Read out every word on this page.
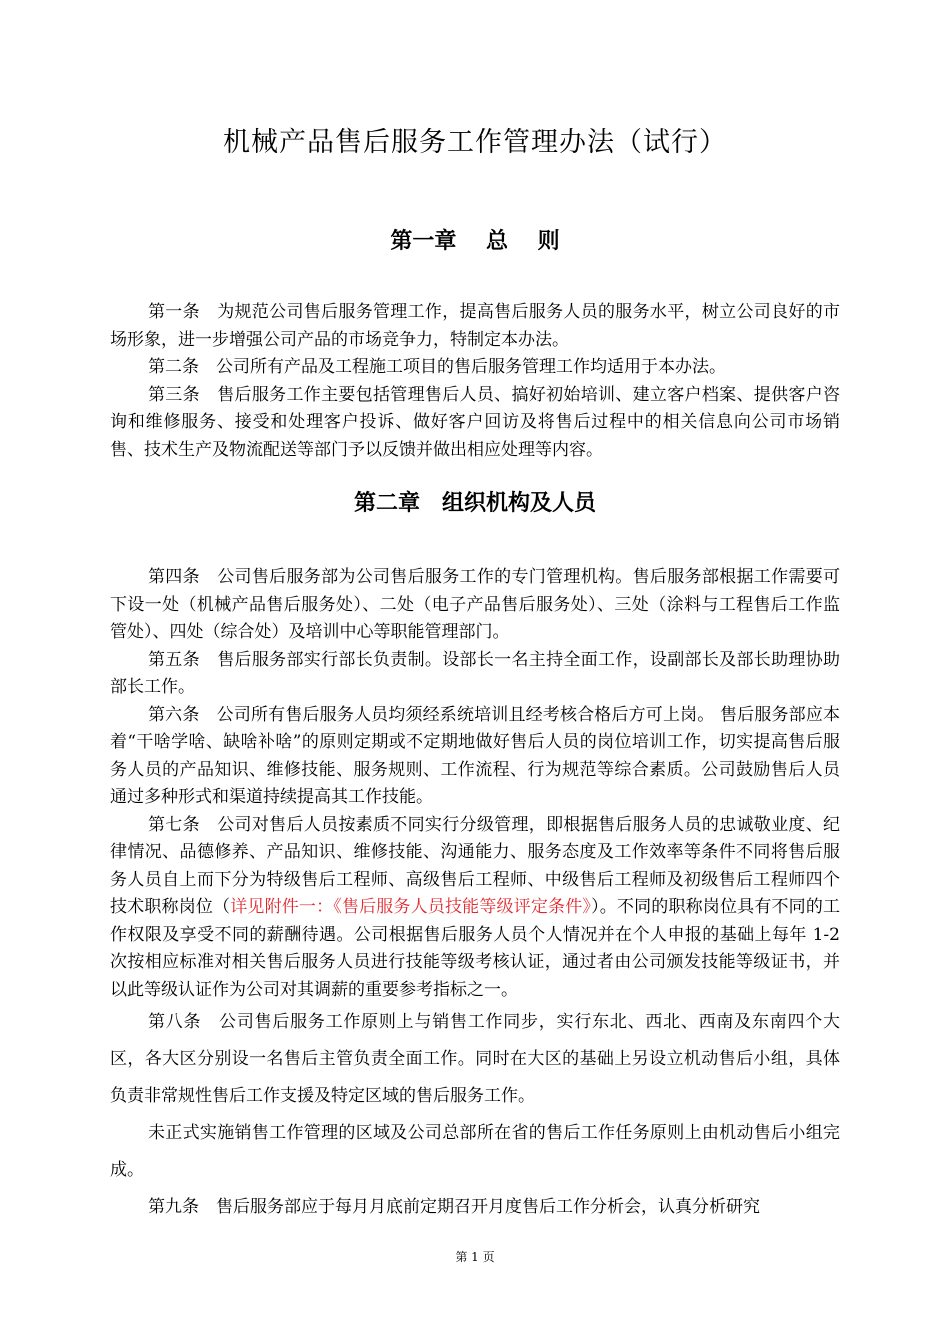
机械产品售后服务工作管理办法（试行）
第一章　 总　 则

第一条　为规范公司售后服务管理工作，提高售后服务人员的服务水平，树立公司良好的市场形象，进一步增强公司产品的市场竞争力，特制定本办法。

第二条　公司所有产品及工程施工项目的售后服务管理工作均适用于本办法。

第三条　售后服务工作主要包括管理售后人员、搞好初始培训、建立客户档案、提供客户咨询和维修服务、接受和处理客户投诉、做好客户回访及将售后过程中的相关信息向公司市场销售、技术生产及物流配送等部门予以反馈并做出相应处理等内容。

第二章　组织机构及人员

第四条　公司售后服务部为公司售后服务工作的专门管理机构。售后服务部根据工作需要可下设一处（机械产品售后服务处）、二处（电子产品售后服务处）、三处（涂料与工程售后工作监管处）、四处（综合处）及培训中心等职能管理部门。

第五条　售后服务部实行部长负责制。设部长一名主持全面工作，设副部长及部长助理协助部长工作。

第六条　公司所有售后服务人员均须经系统培训且经考核合格后方可上岗。 售后服务部应本着“干啥学啥、缺啥补啥”的原则定期或不定期地做好售后人员的岗位培训工作，切实提高售后服务人员的产品知识、维修技能、服务规则、工作流程、行为规范等综合素质。公司鼓励售后人员通过多种形式和渠道持续提高其工作技能。

第七条　公司对售后人员按素质不同实行分级管理，即根据售后服务人员的忠诚敬业度、纪律情况、品德修养、产品知识、维修技能、沟通能力、服务态度及工作效率等条件不同将售后服务人员自上而下分为特级售后工程师、高级售后工程师、中级售后工程师及初级售后工程师四个技术职称岗位（详见附件一：《售后服务人员技能等级评定条件》）。不同的职称岗位具有不同的工作权限及享受不同的薪酬待遇。公司根据售后服务人员个人情况并在个人申报的基础上每年 1-2 次按相应标准对相关售后服务人员进行技能等级考核认证，通过者由公司颁发技能等级证书，并以此等级认证作为公司对其调薪的重要参考指标之一。

第八条　公司售后服务工作原则上与销售工作同步，实行东北、西北、西南及东南四个大区，各大区分别设一名售后主管负责全面工作。同时在大区的基础上另设立机动售后小组，具体负责非常规性售后工作支援及特定区域的售后服务工作。

未正式实施销售工作管理的区域及公司总部所在省的售后工作任务原则上由机动售后小组完成。

第九条　售后服务部应于每月月底前定期召开月度售后工作分析会，认真分析研究

第 1 页
